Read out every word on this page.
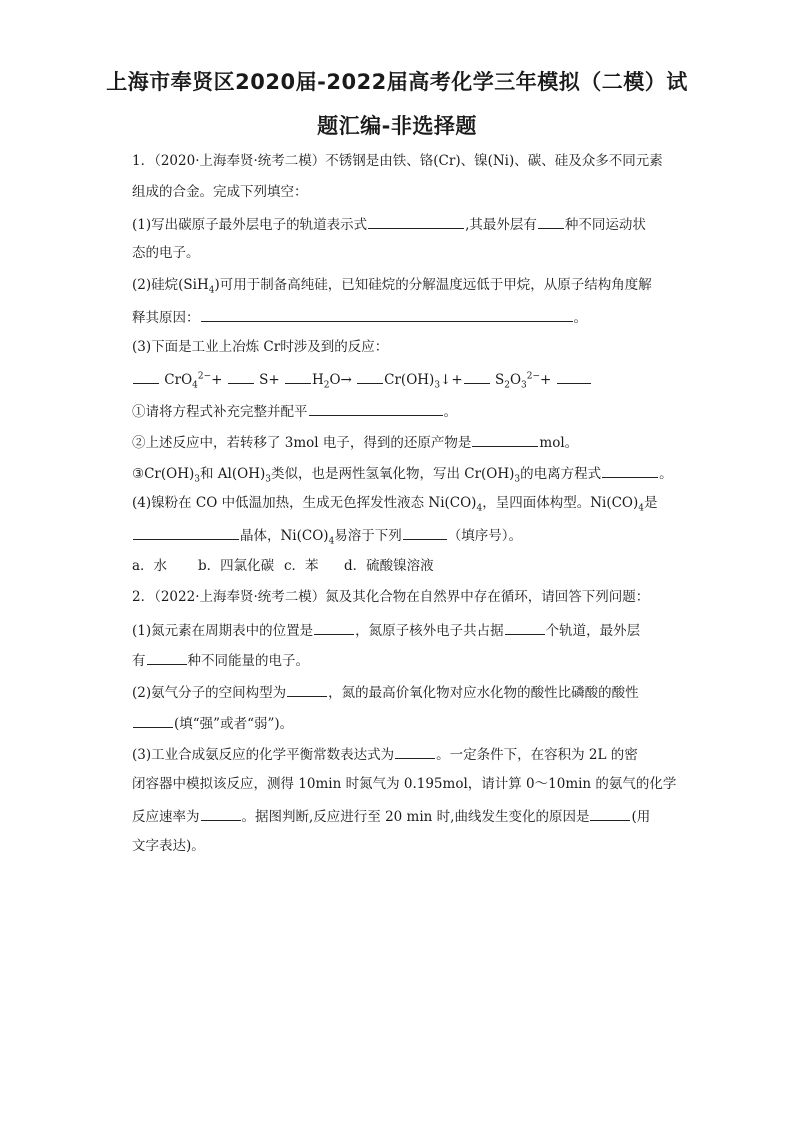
上海市奉贤区2020届-2022届高考化学三年模拟（二模）试
题汇编-非选择题
1．（2020·上海奉贤·统考二模）不锈钢是由铁、铬(Cr)、镍(Ni)、碳、硅及众多不同元素
组成的合金。完成下列填空：
(1)写出碳原子最外层电子的轨道表示式	,其最外层有 种不同运动状
态的电子。
(2)硅烷(SiH$_4$)可用于制备高纯硅，已知硅烷的分解温度远低于甲烷，从原子结构角度解
释其原因：	。
(3)下面是工业上冶炼 Cr时涉及到的反应：
CrO$_4^{2-}$+	$S+ H_2O\to$ $Cr(OH)_3↓+ S_2O_3^{2-}+$
①请将方程式补充完整并配平	。
②上述反应中，若转移了 3mol 电子，得到的还原产物是	mol。
$③Cr(OH)_3$和 $Al(OH)_3$类似，也是两性氢氧化物，写出 $Cr(OH)_3$的电离方程式	。
(4)镍粉在 CO 中低温加热，生成无色挥发性液态 $Ni(CO)_4$，呈四面体构型。$Ni(CO)_4$是
晶体，$Ni(CO)_4$易溶于下列	（填序号）。
a．水 b．四氯化碳 c．苯 d．硫酸镍溶液
2．（2022·上海奉贤·统考二模）氮及其化合物在自然界中存在循环，请回答下列问题：
(1)氮元素在周期表中的位置是	，氮原子核外电子共占据	个轨道，最外层
有	种不同能量的电子。
(2)氨气分子的空间构型为	，氮的最高价氧化物对应水化物的酸性比磷酸的酸性
(填“强”或者“弱”)。
(3)工业合成氨反应的化学平衡常数表达式为	。一定条件下，在容积为 2L 的密
闭容器中模拟该反应，测得 10min 时氮气为 0.195mol，请计算 0～10min 的氨气的化学
反应速率为	。据图判断,反应进行至 20 min 时,曲线发生变化的原因是	(用
文字表达)。
